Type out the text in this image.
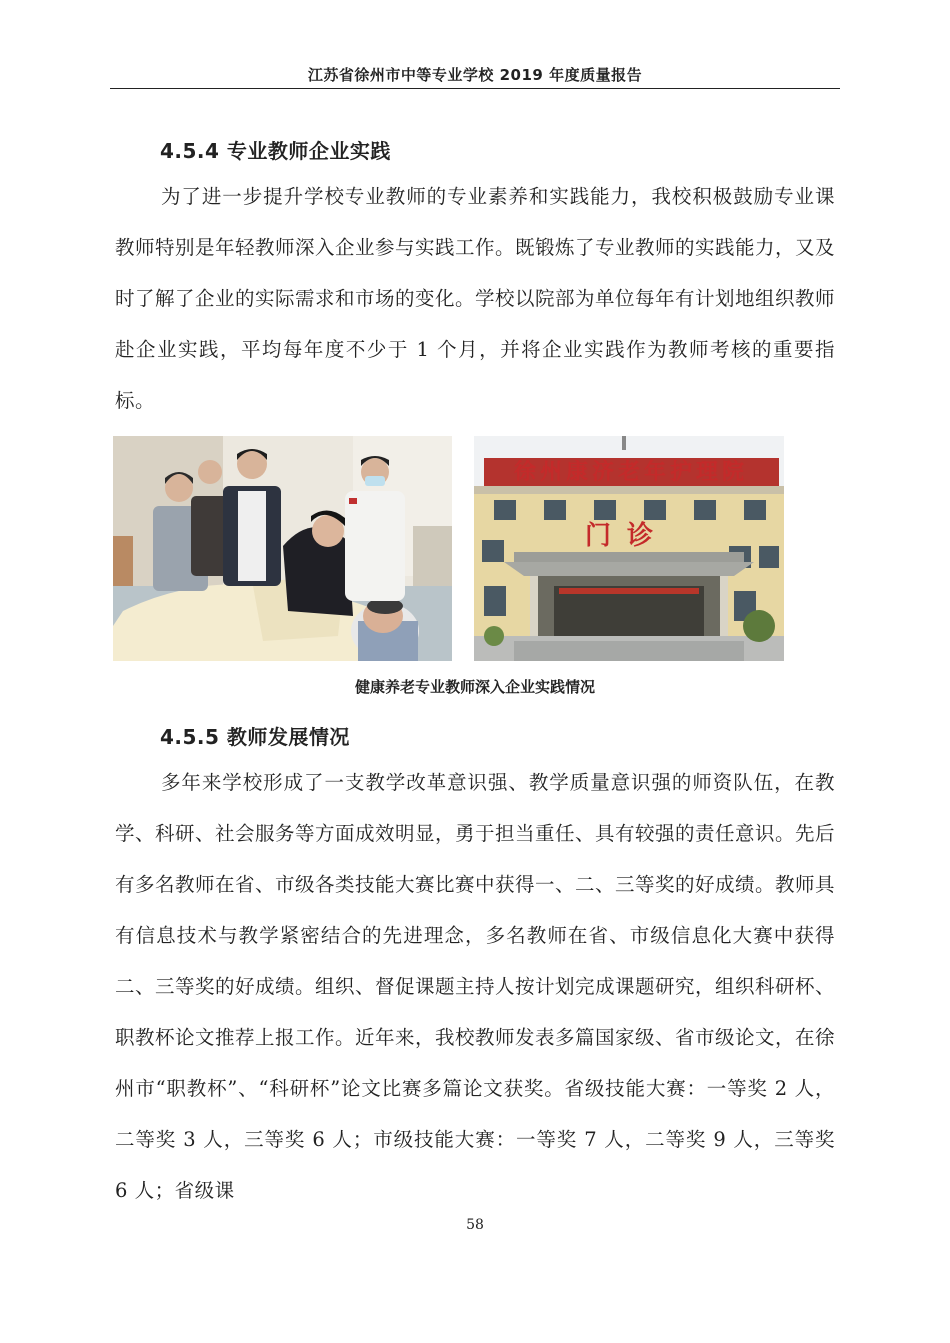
江苏省徐州市中等专业学校 2019 年度质量报告
4.5.4 专业教师企业实践
为了进一步提升学校专业教师的专业素养和实践能力，我校积极鼓励专业课教师特别是年轻教师深入企业参与实践工作。既锻炼了专业教师的实践能力，又及时了解了企业的实际需求和市场的变化。学校以院部为单位每年有计划地组织教师赴企业实践，平均每年度不少于 1 个月，并将企业实践作为教师考核的重要指标。
徐州康济老年护理院
门诊
健康养老专业教师深入企业实践情况
4.5.5 教师发展情况
多年来学校形成了一支教学改革意识强、教学质量意识强的师资队伍，在教学、科研、社会服务等方面成效明显，勇于担当重任、具有较强的责任意识。先后有多名教师在省、市级各类技能大赛比赛中获得一、二、三等奖的好成绩。教师具有信息技术与教学紧密结合的先进理念，多名教师在省、市级信息化大赛中获得二、三等奖的好成绩。组织、督促课题主持人按计划完成课题研究，组织科研杯、职教杯论文推荐上报工作。近年来，我校教师发表多篇国家级、省市级论文，在徐州市“职教杯”、“科研杯”论文比赛多篇论文获奖。省级技能大赛：一等奖 2 人，二等奖 3 人，三等奖 6 人；市级技能大赛：一等奖 7 人，二等奖 9 人，三等奖 6 人；省级课
58
